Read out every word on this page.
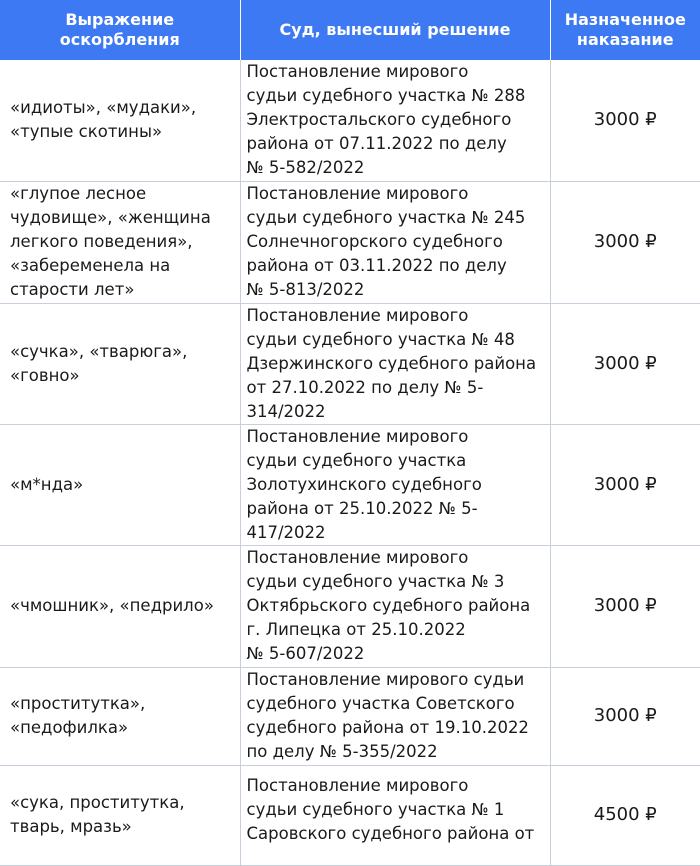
Выражение оскорбления	Суд, вынесший решение	Назначенное наказание

«идиоты», «мудаки»,
«тупые скотины»	Постановление мирового
судьи судебного участка № 288
Электростальского судебного
района от 07.11.2022 по делу
№ 5-582/2022	3000 ₽

«глупое лесное
чудовище», «женщина
легкого поведения»,
«забеременела на
старости лет»	Постановление мирового
судьи судебного участка № 245
Солнечногорского судебного
района от 03.11.2022 по делу
№ 5-813/2022	3000 ₽

«сучка», «тварюга»,
«говно»	Постановление мирового
судьи судебного участка № 48
Дзержинского судебного района
от 27.10.2022 по делу № 5-314/2022	3000 ₽

«м*нда»	Постановление мирового
судьи судебного участка
Золотухинского судебного
района от 25.10.2022 № 5-417/2022	3000 ₽

«чмошник», «педрило»	Постановление мирового
судьи судебного участка № 3
Октябрьского судебного района
г. Липецка от 25.10.2022
№ 5-607/2022	3000 ₽

«проститутка»,
«педофилка»	Постановление мирового судьи
судебного участка Советского
судебного района от 19.10.2022
по делу № 5-355/2022	3000 ₽

«сука, проститутка,
тварь, мразь»	Постановление мирового
судьи судебного участка № 1
Саровского судебного района от	4500 ₽
